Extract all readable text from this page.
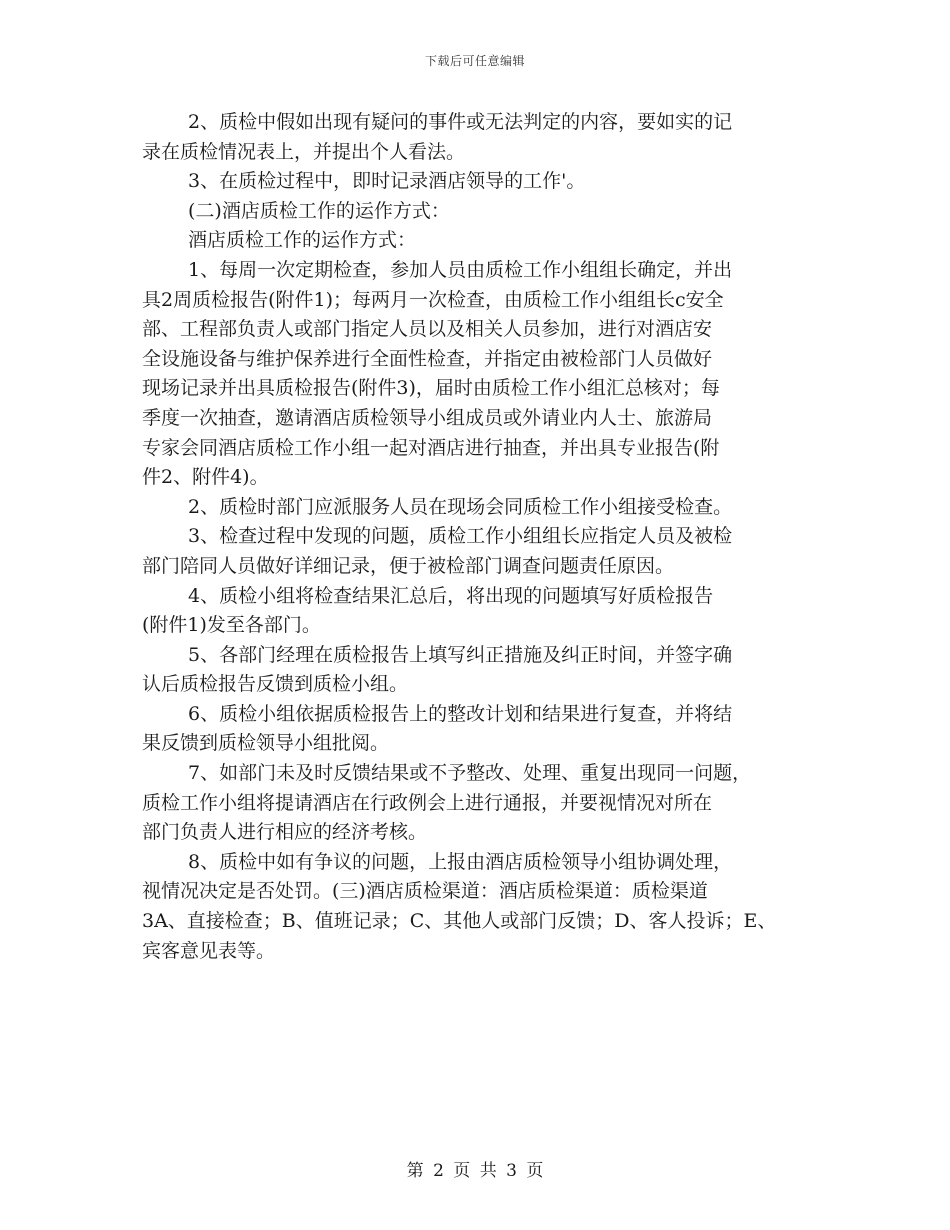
下载后可任意编辑
2、质检中假如出现有疑问的事件或无法判定的内容，要如实的记
录在质检情况表上，并提出个人看法。
3、在质检过程中，即时记录酒店领导的工作'。
(二)酒店质检工作的运作方式：
酒店质检工作的运作方式：
1、每周一次定期检查，参加人员由质检工作小组组长确定，并出
具2周质检报告(附件1)；每两月一次检查，由质检工作小组组长c安全
部、工程部负责人或部门指定人员以及相关人员参加，进行对酒店安
全设施设备与维护保养进行全面性检查，并指定由被检部门人员做好
现场记录并出具质检报告(附件3)，届时由质检工作小组汇总核对；每
季度一次抽查，邀请酒店质检领导小组成员或外请业内人士、旅游局
专家会同酒店质检工作小组一起对酒店进行抽查，并出具专业报告(附
件2、附件4)。
2、质检时部门应派服务人员在现场会同质检工作小组接受检查。
3、检查过程中发现的问题，质检工作小组组长应指定人员及被检
部门陪同人员做好详细记录，便于被检部门调查问题责任原因。
4、质检小组将检查结果汇总后，将出现的问题填写好质检报告
(附件1)发至各部门。
5、各部门经理在质检报告上填写纠正措施及纠正时间，并签字确
认后质检报告反馈到质检小组。
6、质检小组依据质检报告上的整改计划和结果进行复查，并将结
果反馈到质检领导小组批阅。
7、如部门未及时反馈结果或不予整改、处理、重复出现同一问题，
质检工作小组将提请酒店在行政例会上进行通报，并要视情况对所在
部门负责人进行相应的经济考核。
8、质检中如有争议的问题，上报由酒店质检领导小组协调处理，
视情况决定是否处罚。(三)酒店质检渠道：酒店质检渠道：质检渠道
3A、直接检查；B、值班记录；C、其他人或部门反馈；D、客人投诉；E、
宾客意见表等。
第 2 页 共 3 页
